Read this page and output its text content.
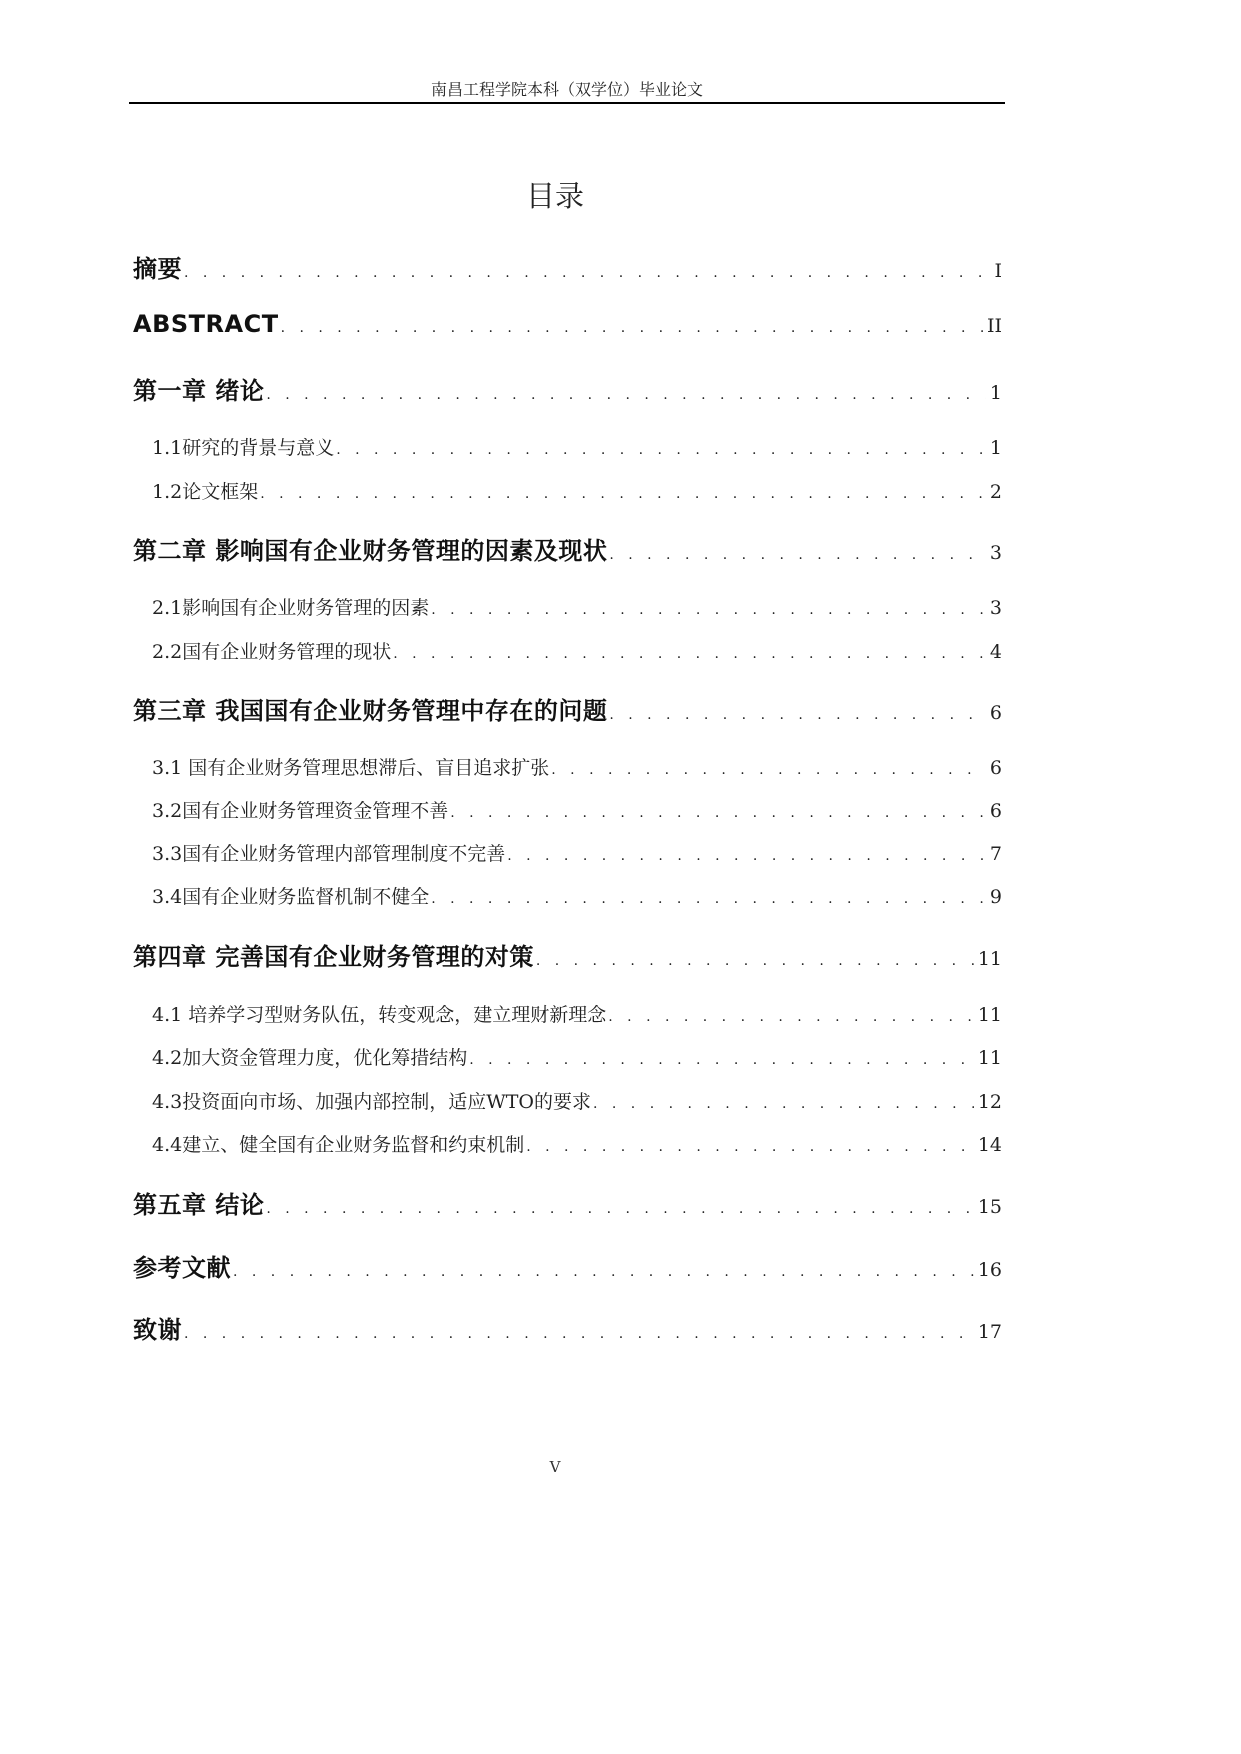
南昌工程学院本科（双学位）毕业论文
目录
摘要 . . .	I
ABSTRACT . . .	II
第一章 绪论 . . .	1
1.1研究的背景与意义 . . .	1
1.2论文框架 . . .	2
第二章 影响国有企业财务管理的因素及现状 . . .	3
2.1影响国有企业财务管理的因素 . . .	3
2.2国有企业财务管理的现状 . . .	4
第三章 我国国有企业财务管理中存在的问题 . . .	6
3.1 国有企业财务管理思想滞后、盲目追求扩张 . . .	6
3.2国有企业财务管理资金管理不善 . . .	6
3.3国有企业财务管理内部管理制度不完善 . . .	7
3.4国有企业财务监督机制不健全 . . .	9
第四章 完善国有企业财务管理的对策 . . .	11
4.1 培养学习型财务队伍，转变观念，建立理财新理念 . . .	11
4.2加大资金管理力度，优化筹措结构 . . .	11
4.3投资面向市场、加强内部控制，适应WTO的要求 . . .	12
4.4建立、健全国有企业财务监督和约束机制 . . .	14
第五章 结论 . . .	15
参考文献 . . .	16
致谢 . . .	17
V
